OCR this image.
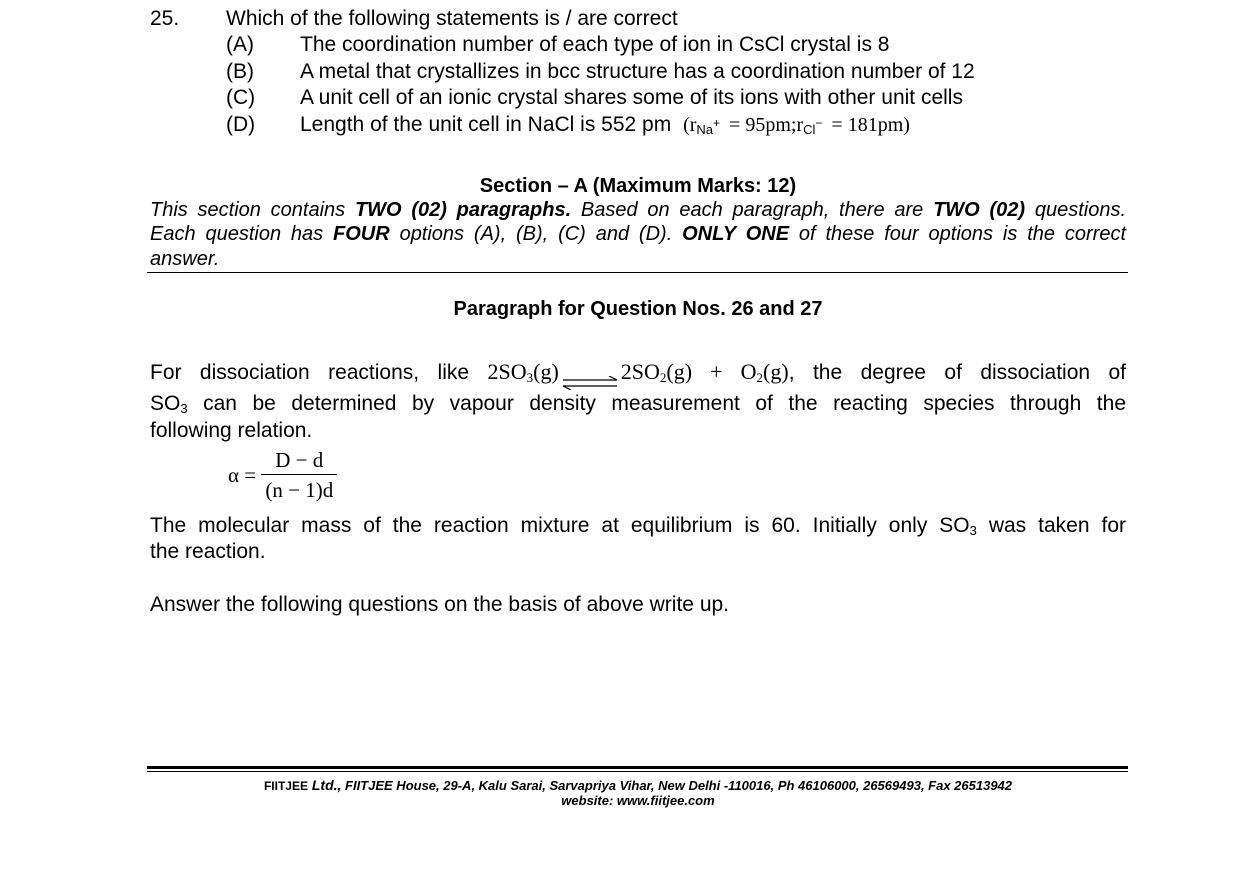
25. Which of the following statements is / are correct
(A) The coordination number of each type of ion in CsCl crystal is 8
(B) A metal that crystallizes in bcc structure has a coordination number of 12
(C) A unit cell of an ionic crystal shares some of its ions with other unit cells
(D) Length of the unit cell in NaCl is 552 pm ($r_{Na^+}$ = $95pm;r_{Cl^-} = 181pm$)
Section – A (Maximum Marks: 12)
This section contains TWO (02) paragraphs. Based on each paragraph, there are TWO (02) questions.
Each question has FOUR options (A), (B), (C) and (D). ONLY ONE of these four options is the correct
answer.
Paragraph for Question Nos. 26 and 27
For dissociation reactions, like $2SO_3(g)$ ⇌ $2SO_2(g) + O_2(g)$, the degree of dissociation of
$SO_3$ can be determined by vapour density measurement of the reacting species through the
following relation.
$\alpha = \frac{D - d}{(n - 1)d}$
The molecular mass of the reaction mixture at equilibrium is 60. Initially only $SO_3$ was taken for
the reaction.
Answer the following questions on the basis of above write up.
FIITJEE Ltd., FIITJEE House, 29-A, Kalu Sarai, Sarvapriya Vihar, New Delhi -110016, Ph 46106000, 26569493, Fax 26513942
website: www.fiitjee.com
